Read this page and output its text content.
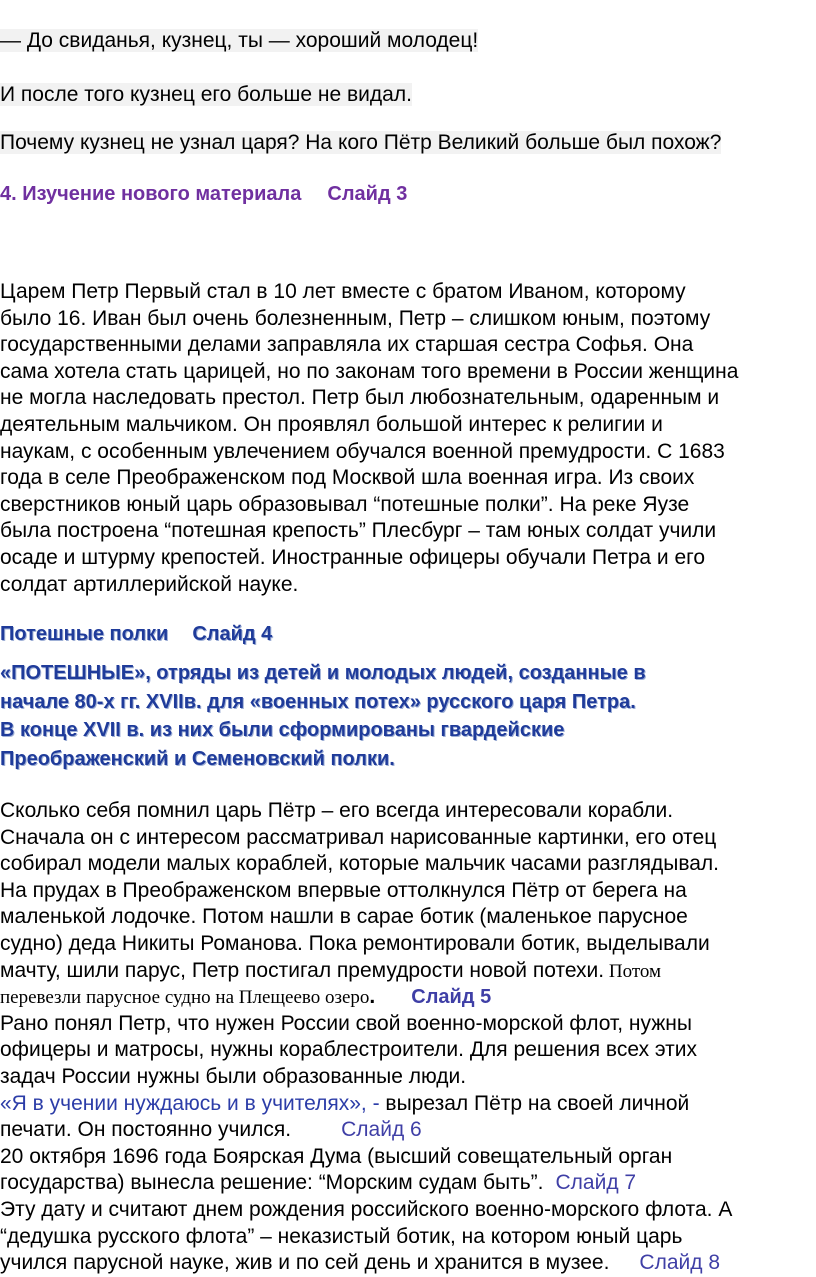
— До свиданья, кузнец, ты — хороший молодец!
И после того кузнец его больше не видал.
Почему кузнец не узнал царя? На кого Пётр Великий больше был похож?
4. Изучение нового материала Слайд 3
Царем Петр Первый стал в 10 лет вместе с братом Иваном, которому
было 16. Иван был очень болезненным, Петр – слишком юным, поэтому
государственными делами заправляла их старшая сестра Софья. Она
сама хотела стать царицей, но по законам того времени в России женщина
не могла наследовать престол. Петр был любознательным, одаренным и
деятельным мальчиком. Он проявлял большой интерес к религии и
наукам, с особенным увлечением обучался военной премудрости. С 1683
года в селе Преображенском под Москвой шла военная игра. Из своих
сверстников юный царь образовывал “потешные полки”. На реке Яузе
была построена “потешная крепость” Плесбург – там юных солдат учили
осаде и штурму крепостей. Иностранные офицеры обучали Петра и его
солдат артиллерийской науке.
Потешные полки Слайд 4
«ПОТЕШНЫЕ», отряды из детей и молодых людей, созданные в
начале 80-х гг. XVIIв. для «военных потех» русского царя Петра.
В конце XVII в. из них были сформированы гвардейские
Преображенский и Семеновский полки.
Сколько себя помнил царь Пётр – его всегда интересовали корабли.
Сначала он с интересом рассматривал нарисованные картинки, его отец
собирал модели малых кораблей, которые мальчик часами разглядывал.
На прудах в Преображенском впервые оттолкнулся Пётр от берега на
маленькой лодочке. Потом нашли в сарае ботик (маленькое парусное
судно) деда Никиты Романова. Пока ремонтировали ботик, выделывали
мачту, шили парус, Петр постигал премудрости новой потехи. Потом
перевезли парусное судно на Плещеево озеро. Слайд 5
Рано понял Петр, что нужен России свой военно-морской флот, нужны
офицеры и матросы, нужны кораблестроители. Для решения всех этих
задач России нужны были образованные люди.
«Я в учении нуждаюсь и в учителях», - вырезал Пётр на своей личной
печати. Он постоянно учился. Слайд 6
20 октября 1696 года Боярская Дума (высший совещательный орган
государства) вынесла решение: “Морским судам быть”. Слайд 7
Эту дату и считают днем рождения российского военно-морского флота. А
“дедушка русского флота” – неказистый ботик, на котором юный царь
учился парусной науке, жив и по сей день и хранится в музее. Слайд 8
